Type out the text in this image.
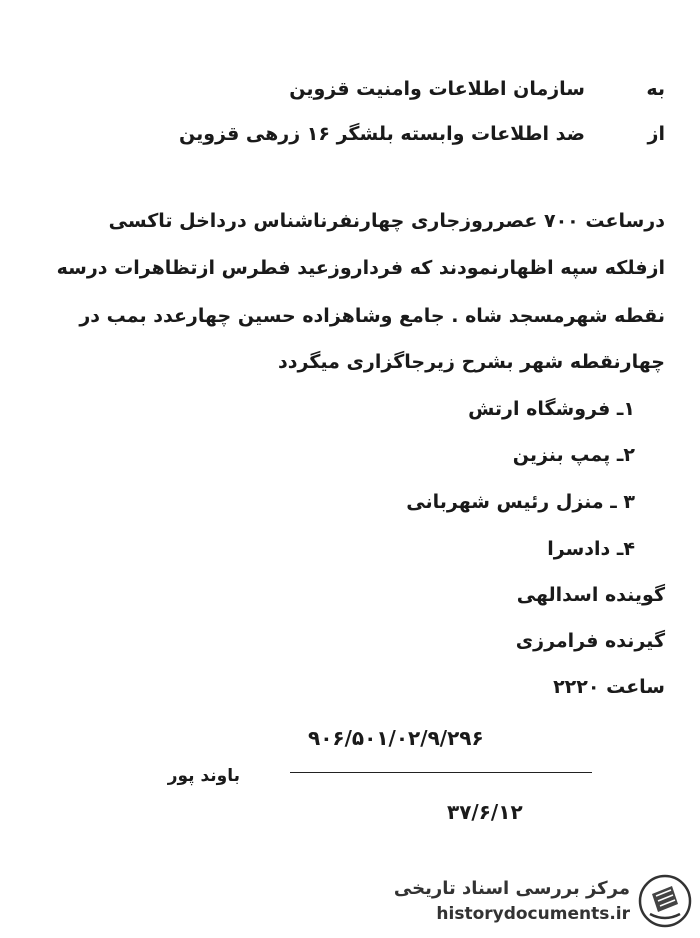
به
سازمان اطلاعات وامنیت قزوین
از
ضد اطلاعات وابسته بلشگر ۱۶ زرهی قزوین
درساعت ۷۰۰ عصرروزجاری چهارنفرناشناس درداخل تاکسی
ازفلکه سپه اظهارنمودند که فرداروزعید فطرس ازتظاهرات درسه
نقطه شهرمسجد شاه . جامع وشاهزاده حسین چهارعدد بمب در
چهارنقطه شهر بشرح زیرجاگزاری میگردد
۱ـ فروشگاه ارتش
۲ـ پمپ بنزین
۳ ـ منزل رئیس شهربانی
۴ـ دادسرا
گوینده اسدالهی
گیرنده فرامرزی
ساعت ۲۲۲۰
۹۰۶/۵۰۱/۰۲/۹/۲۹۶
باوند پور
۳۷/۶/۱۲
مرکز بررسی اسناد تاریخی
historydocuments.ir
